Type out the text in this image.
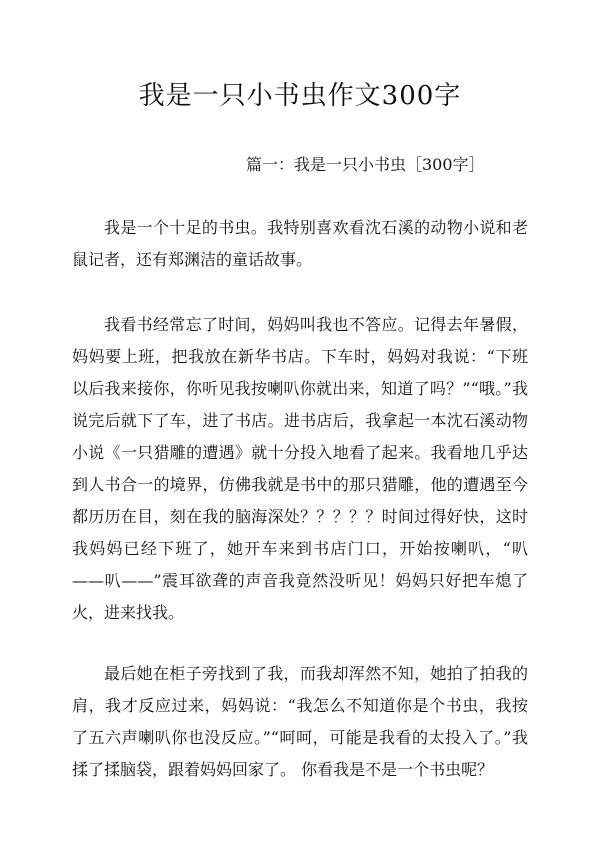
我是一只小书虫作文300字
篇一：我是一只小书虫［300字］

我是一个十足的书虫。我特别喜欢看沈石溪的动物小说和老鼠记者，还有郑渊洁的童话故事。

我看书经常忘了时间，妈妈叫我也不答应。记得去年暑假，妈妈要上班，把我放在新华书店。下车时，妈妈对我说：“下班以后我来接你，你听见我按喇叭你就出来，知道了吗？”“哦。”我说完后就下了车，进了书店。进书店后，我拿起一本沈石溪动物小说《一只猎雕的遭遇》就十分投入地看了起来。我看地几乎达到人书合一的境界，仿佛我就是书中的那只猎雕，他的遭遇至今都历历在目，刻在我的脑海深处？？？？？时间过得好快，这时我妈妈已经下班了，她开车来到书店门口，开始按喇叭，“叭——叭——”震耳欲聋的声音我竟然没听见！妈妈只好把车熄了火，进来找我。

最后她在柜子旁找到了我，而我却浑然不知，她拍了拍我的肩，我才反应过来，妈妈说：“我怎么不知道你是个书虫，我按了五六声喇叭你也没反应。”“呵呵，可能是我看的太投入了。”我揉了揉脑袋，跟着妈妈回家了。 你看我是不是一个书虫呢？
